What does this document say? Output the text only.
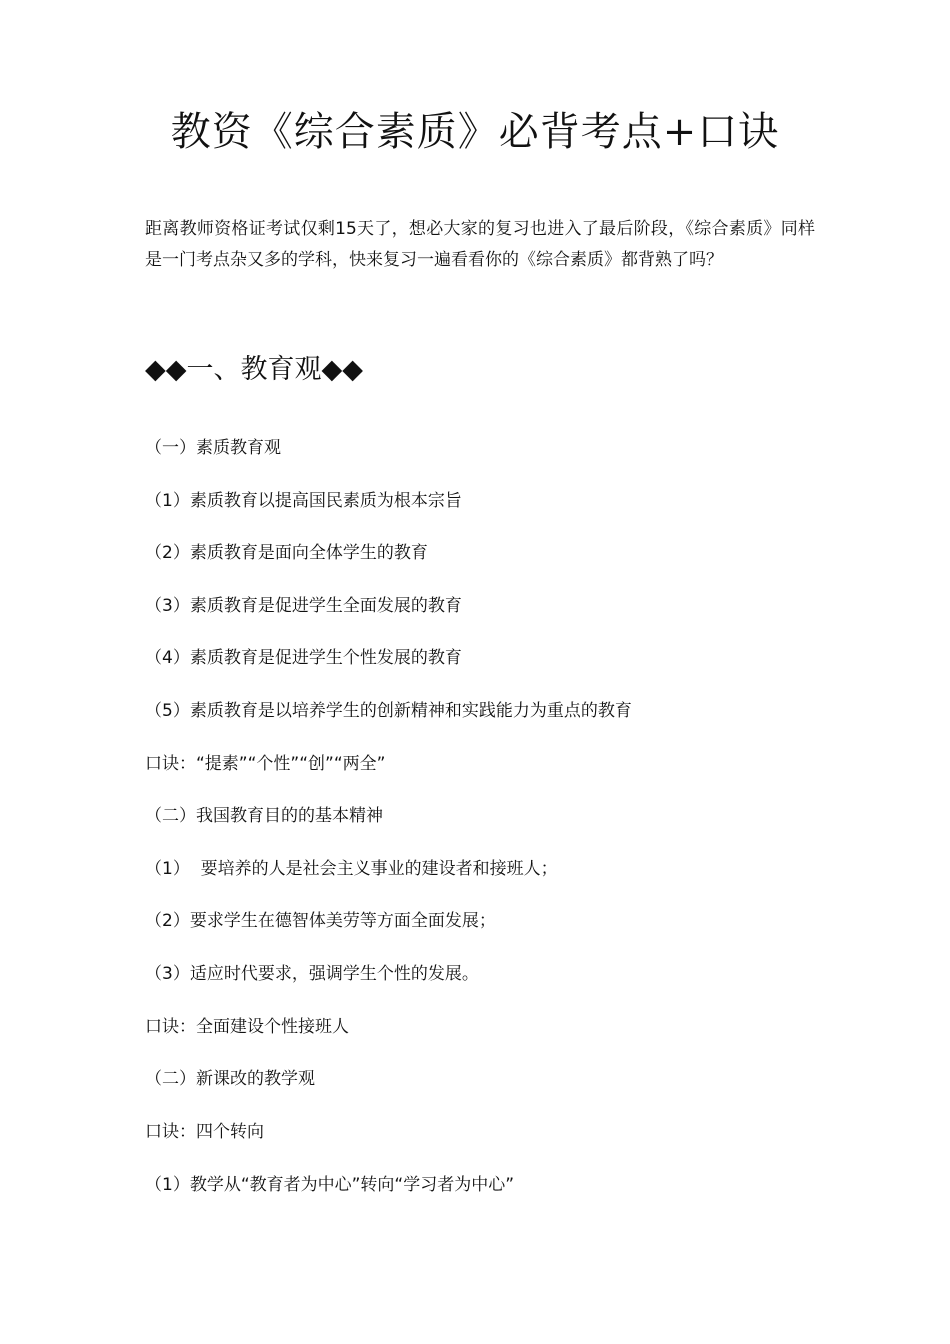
教资《综合素质》必背考点+口诀
距离教师资格证考试仅剩15天了，想必大家的复习也进入了最后阶段，《综合素质》同样是一门考点杂又多的学科，快来复习一遍看看你的《综合素质》都背熟了吗？
◆◆一、教育观◆◆
（一）素质教育观
（1）素质教育以提高国民素质为根本宗旨
（2）素质教育是面向全体学生的教育
（3）素质教育是促进学生全面发展的教育
（4）素质教育是促进学生个性发展的教育
（5）素质教育是以培养学生的创新精神和实践能力为重点的教育
口诀：“提素”“个性”“创”“两全”
（二）我国教育目的的基本精神
（1）  要培养的人是社会主义事业的建设者和接班人；
（2）要求学生在德智体美劳等方面全面发展；
（3）适应时代要求，强调学生个性的发展。
口诀：全面建设个性接班人
（二）新课改的教学观
口诀：四个转向
（1）教学从“教育者为中心”转向“学习者为中心”
